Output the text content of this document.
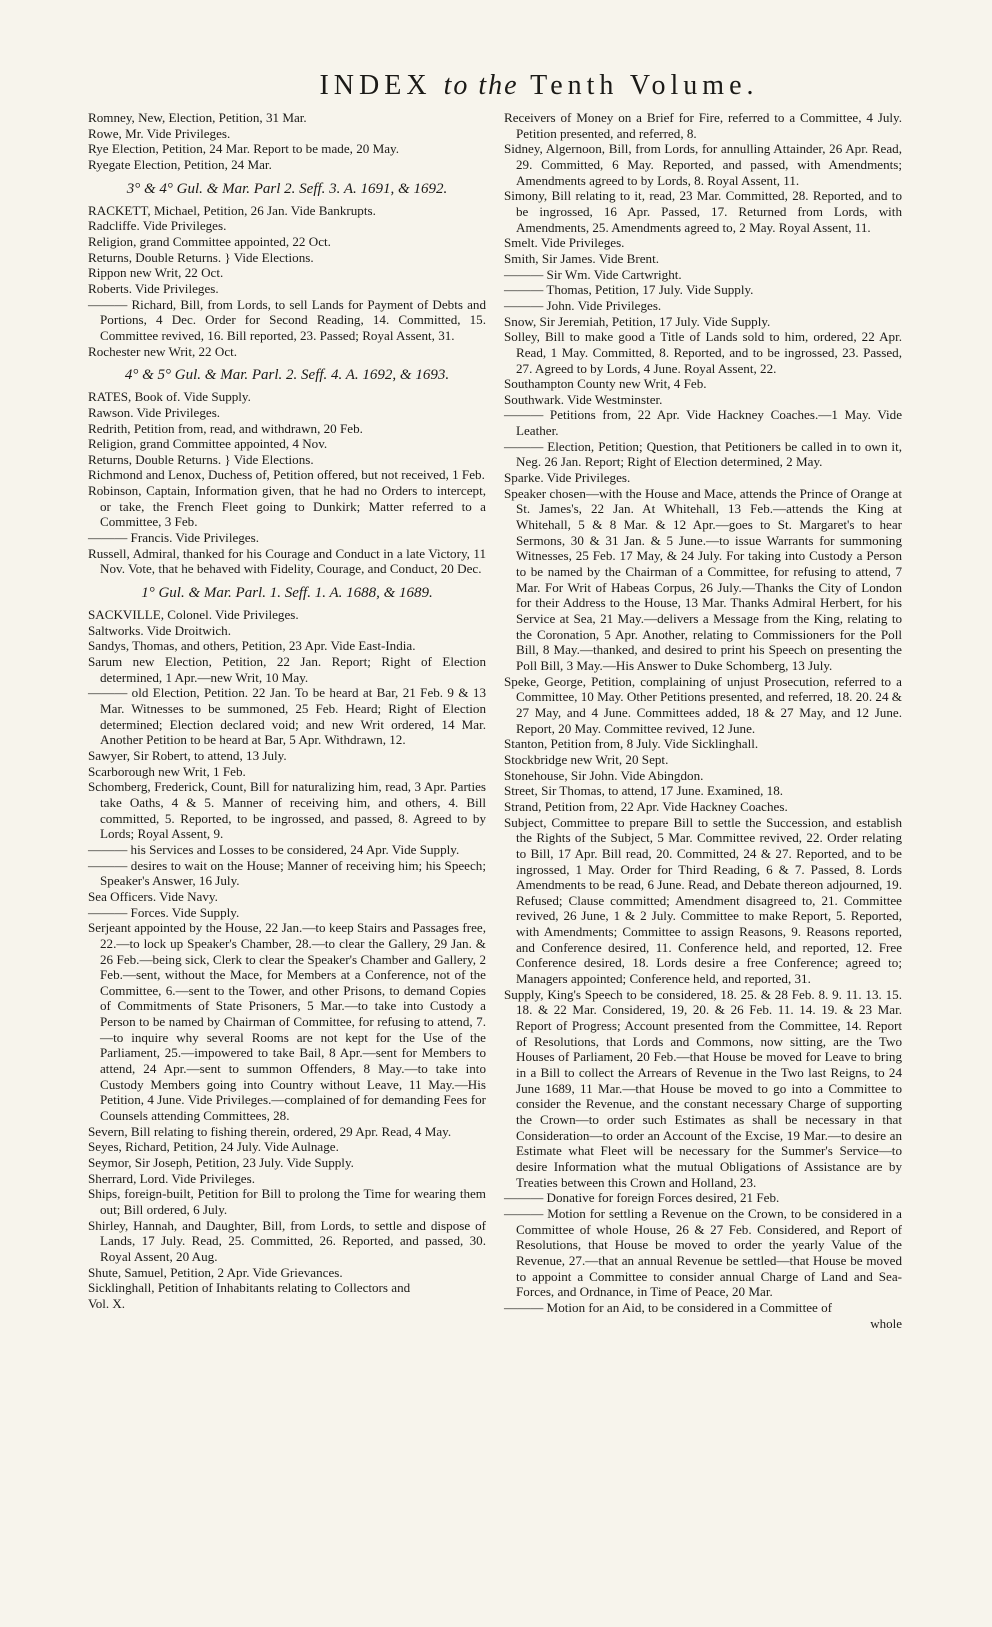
INDEX to the Tenth Volume.

Romney, New, Election, Petition, 31 Mar.

Rowe, Mr. Vide Privileges.

Rye Election, Petition, 24 Mar. Report to be made, 20 May.

Ryegate Election, Petition, 24 Mar.

3° & 4° Gul. & Mar. Parl 2. Seff. 3. A. 1691, & 1692.

RACKETT, Michael, Petition, 26 Jan. Vide Bankrupts.

Radcliffe. Vide Privileges.

Religion, grand Committee appointed, 22 Oct.

Returns, Double Returns. } Vide Elections.

Rippon new Writ, 22 Oct.

Roberts. Vide Privileges.

——— Richard, Bill, from Lords, to sell Lands for Payment of Debts and Portions, 4 Dec. Order for Second Reading, 14. Committed, 15. Committee revived, 16. Bill reported, 23. Passed; Royal Assent, 31.

Rochester new Writ, 22 Oct.

4° & 5° Gul. & Mar. Parl. 2. Seff. 4. A. 1692, & 1693.

RATES, Book of. Vide Supply.

Rawson. Vide Privileges.

Redrith, Petition from, read, and withdrawn, 20 Feb.

Religion, grand Committee appointed, 4 Nov.

Returns, Double Returns. } Vide Elections.

Richmond and Lenox, Duchess of, Petition offered, but not received, 1 Feb.

Robinson, Captain, Information given, that he had no Orders to intercept, or take, the French Fleet going to Dunkirk; Matter referred to a Committee, 3 Feb.

——— Francis. Vide Privileges.

Russell, Admiral, thanked for his Courage and Conduct in a late Victory, 11 Nov. Vote, that he behaved with Fidelity, Courage, and Conduct, 20 Dec.

1° Gul. & Mar. Parl. 1. Seff. 1. A. 1688, & 1689.

SACKVILLE, Colonel. Vide Privileges.

Saltworks. Vide Droitwich.

Sandys, Thomas, and others, Petition, 23 Apr. Vide East-India.

Sarum new Election, Petition, 22 Jan. Report; Right of Election determined, 1 Apr.—new Writ, 10 May.

——— old Election, Petition. 22 Jan. To be heard at Bar, 21 Feb. 9 & 13 Mar. Witnesses to be summoned, 25 Feb. Heard; Right of Election determined; Election declared void; and new Writ ordered, 14 Mar. Another Petition to be heard at Bar, 5 Apr. Withdrawn, 12.

Sawyer, Sir Robert, to attend, 13 July.

Scarborough new Writ, 1 Feb.

Schomberg, Frederick, Count, Bill for naturalizing him, read, 3 Apr. Parties take Oaths, 4 & 5. Manner of receiving him, and others, 4. Bill committed, 5. Reported, to be ingrossed, and passed, 8. Agreed to by Lords; Royal Assent, 9.

——— his Services and Losses to be considered, 24 Apr. Vide Supply.

——— desires to wait on the House; Manner of receiving him; his Speech; Speaker's Answer, 16 July.

Sea Officers. Vide Navy.

——— Forces. Vide Supply.

Serjeant appointed by the House, 22 Jan.—to keep Stairs and Passages free, 22.—to lock up Speaker's Chamber, 28.—to clear the Gallery, 29 Jan. & 26 Feb.—being sick, Clerk to clear the Speaker's Chamber and Gallery, 2 Feb.—sent, without the Mace, for Members at a Conference, not of the Committee, 6.—sent to the Tower, and other Prisons, to demand Copies of Commitments of State Prisoners, 5 Mar.—to take into Custody a Person to be named by Chairman of Committee, for refusing to attend, 7.—to inquire why several Rooms are not kept for the Use of the Parliament, 25.—impowered to take Bail, 8 Apr.—sent for Members to attend, 24 Apr.—sent to summon Offenders, 8 May.—to take into Custody Members going into Country without Leave, 11 May.—His Petition, 4 June. Vide Privileges.—complained of for demanding Fees for Counsels attending Committees, 28.

Severn, Bill relating to fishing therein, ordered, 29 Apr. Read, 4 May.

Seyes, Richard, Petition, 24 July. Vide Aulnage.

Seymor, Sir Joseph, Petition, 23 July. Vide Supply.

Sherrard, Lord. Vide Privileges.

Ships, foreign-built, Petition for Bill to prolong the Time for wearing them out; Bill ordered, 6 July.

Shirley, Hannah, and Daughter, Bill, from Lords, to settle and dispose of Lands, 17 July. Read, 25. Committed, 26. Reported, and passed, 30. Royal Assent, 20 Aug.

Shute, Samuel, Petition, 2 Apr. Vide Grievances.

Sicklinghall, Petition of Inhabitants relating to Collectors and

Vol. X.

Receivers of Money on a Brief for Fire, referred to a Committee, 4 July. Petition presented, and referred, 8.

Sidney, Algernoon, Bill, from Lords, for annulling Attainder, 26 Apr. Read, 29. Committed, 6 May. Reported, and passed, with Amendments; Amendments agreed to by Lords, 8. Royal Assent, 11.

Simony, Bill relating to it, read, 23 Mar. Committed, 28. Reported, and to be ingrossed, 16 Apr. Passed, 17. Returned from Lords, with Amendments, 25. Amendments agreed to, 2 May. Royal Assent, 11.

Smelt. Vide Privileges.

Smith, Sir James. Vide Brent.

——— Sir Wm. Vide Cartwright.

——— Thomas, Petition, 17 July. Vide Supply.

——— John. Vide Privileges.

Snow, Sir Jeremiah, Petition, 17 July. Vide Supply.

Solley, Bill to make good a Title of Lands sold to him, ordered, 22 Apr. Read, 1 May. Committed, 8. Reported, and to be ingrossed, 23. Passed, 27. Agreed to by Lords, 4 June. Royal Assent, 22.

Southampton County new Writ, 4 Feb.

Southwark. Vide Westminster.

——— Petitions from, 22 Apr. Vide Hackney Coaches.—1 May. Vide Leather.

——— Election, Petition; Question, that Petitioners be called in to own it, Neg. 26 Jan. Report; Right of Election determined, 2 May.

Sparke. Vide Privileges.

Speaker chosen—with the House and Mace, attends the Prince of Orange at St. James's, 22 Jan. At Whitehall, 13 Feb.—attends the King at Whitehall, 5 & 8 Mar. & 12 Apr.—goes to St. Margaret's to hear Sermons, 30 & 31 Jan. & 5 June.—to issue Warrants for summoning Witnesses, 25 Feb. 17 May, & 24 July. For taking into Custody a Person to be named by the Chairman of a Committee, for refusing to attend, 7 Mar. For Writ of Habeas Corpus, 26 July.—Thanks the City of London for their Address to the House, 13 Mar. Thanks Admiral Herbert, for his Service at Sea, 21 May.—delivers a Message from the King, relating to the Coronation, 5 Apr. Another, relating to Commissioners for the Poll Bill, 8 May.—thanked, and desired to print his Speech on presenting the Poll Bill, 3 May.—His Answer to Duke Schomberg, 13 July.

Speke, George, Petition, complaining of unjust Prosecution, referred to a Committee, 10 May. Other Petitions presented, and referred, 18. 20. 24 & 27 May, and 4 June. Committees added, 18 & 27 May, and 12 June. Report, 20 May. Committee revived, 12 June.

Stanton, Petition from, 8 July. Vide Sicklinghall.

Stockbridge new Writ, 20 Sept.

Stonehouse, Sir John. Vide Abingdon.

Street, Sir Thomas, to attend, 17 June. Examined, 18.

Strand, Petition from, 22 Apr. Vide Hackney Coaches.

Subject, Committee to prepare Bill to settle the Succession, and establish the Rights of the Subject, 5 Mar. Committee revived, 22. Order relating to Bill, 17 Apr. Bill read, 20. Committed, 24 & 27. Reported, and to be ingrossed, 1 May. Order for Third Reading, 6 & 7. Passed, 8. Lords Amendments to be read, 6 June. Read, and Debate thereon adjourned, 19. Refused; Clause committed; Amendment disagreed to, 21. Committee revived, 26 June, 1 & 2 July. Committee to make Report, 5. Reported, with Amendments; Committee to assign Reasons, 9. Reasons reported, and Conference desired, 11. Conference held, and reported, 12. Free Conference desired, 18. Lords desire a free Conference; agreed to; Managers appointed; Conference held, and reported, 31.

Supply, King's Speech to be considered, 18. 25. & 28 Feb. 8. 9. 11. 13. 15. 18. & 22 Mar. Considered, 19, 20. & 26 Feb. 11. 14. 19. & 23 Mar. Report of Progress; Account presented from the Committee, 14. Report of Resolutions, that Lords and Commons, now sitting, are the Two Houses of Parliament, 20 Feb.—that House be moved for Leave to bring in a Bill to collect the Arrears of Revenue in the Two last Reigns, to 24 June 1689, 11 Mar.—that House be moved to go into a Committee to consider the Revenue, and the constant necessary Charge of supporting the Crown—to order such Estimates as shall be necessary in that Consideration—to order an Account of the Excise, 19 Mar.—to desire an Estimate what Fleet will be necessary for the Summer's Service—to desire Information what the mutual Obligations of Assistance are by Treaties between this Crown and Holland, 23.

——— Donative for foreign Forces desired, 21 Feb.

——— Motion for settling a Revenue on the Crown, to be considered in a Committee of whole House, 26 & 27 Feb. Considered, and Report of Resolutions, that House be moved to order the yearly Value of the Revenue, 27.—that an annual Revenue be settled—that House be moved to appoint a Committee to consider annual Charge of Land and Sea-Forces, and Ordnance, in Time of Peace, 20 Mar.

——— Motion for an Aid, to be considered in a Committee of

whole
